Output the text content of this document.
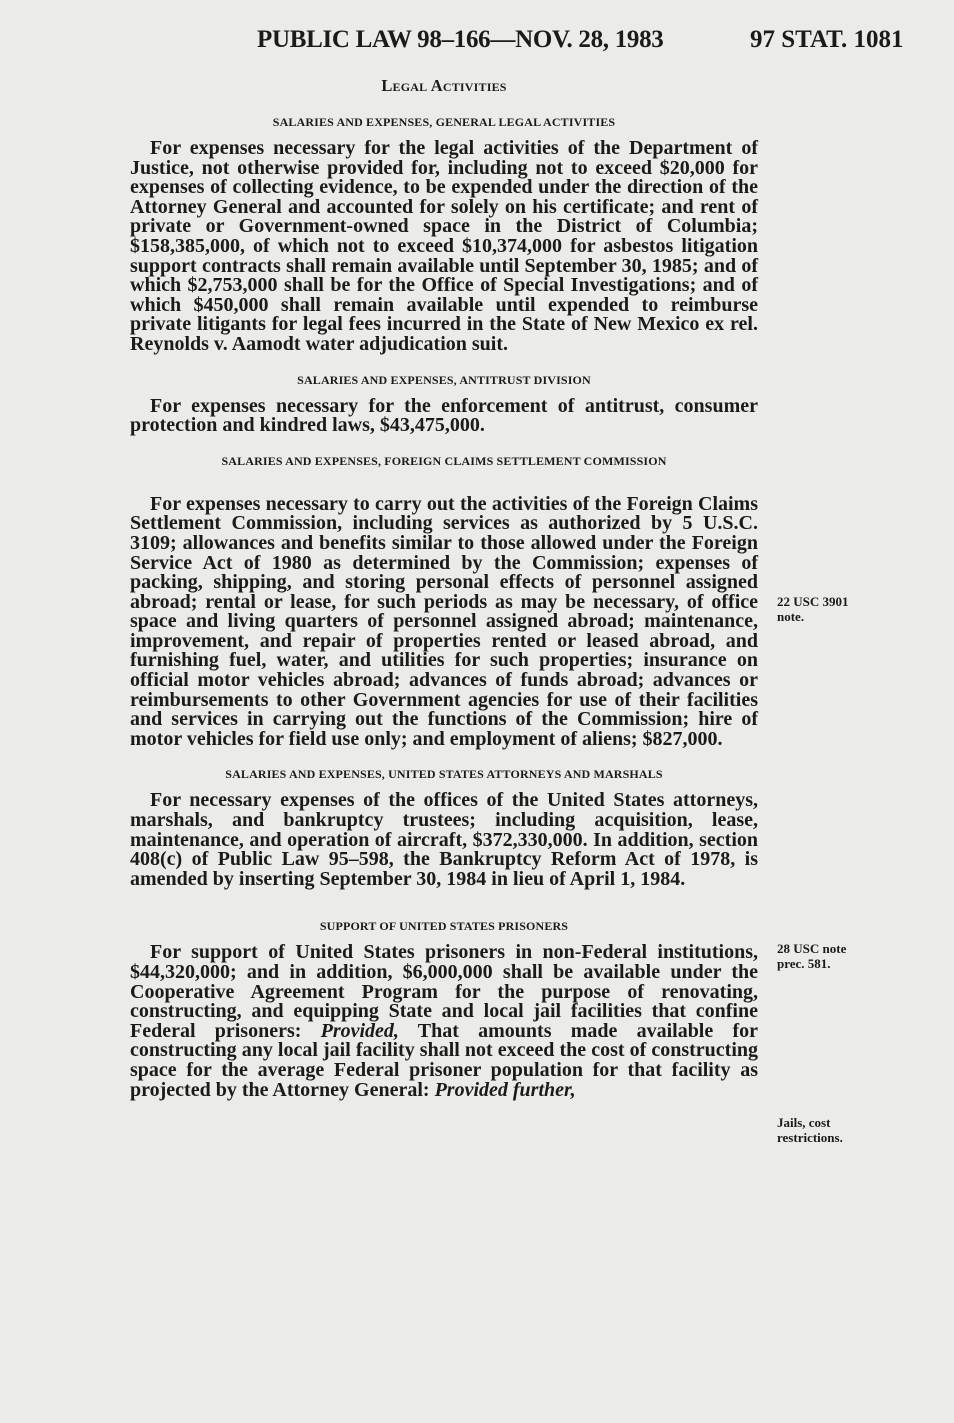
PUBLIC LAW 98–166—NOV. 28, 1983	97 STAT. 1081
Legal Activities
SALARIES AND EXPENSES, GENERAL LEGAL ACTIVITIES

For expenses necessary for the legal activities of the Department of Justice, not otherwise provided for, including not to exceed $20,000 for expenses of collecting evidence, to be expended under the direction of the Attorney General and accounted for solely on his certificate; and rent of private or Government-owned space in the District of Columbia; $158,385,000, of which not to exceed $10,374,000 for asbestos litigation support contracts shall remain available until September 30, 1985; and of which $2,753,000 shall be for the Office of Special Investigations; and of which $450,000 shall remain available until expended to reimburse private litigants for legal fees incurred in the State of New Mexico ex rel. Reynolds v. Aamodt water adjudication suit.

SALARIES AND EXPENSES, ANTITRUST DIVISION

For expenses necessary for the enforcement of antitrust, consumer protection and kindred laws, $43,475,000.

SALARIES AND EXPENSES, FOREIGN CLAIMS SETTLEMENT COMMISSION

For expenses necessary to carry out the activities of the Foreign Claims Settlement Commission, including services as authorized by 5 U.S.C. 3109; allowances and benefits similar to those allowed under the Foreign Service Act of 1980 as determined by the Commission; expenses of packing, shipping, and storing personal effects of personnel assigned abroad; rental or lease, for such periods as may be necessary, of office space and living quarters of personnel assigned abroad; maintenance, improvement, and repair of properties rented or leased abroad, and furnishing fuel, water, and utilities for such properties; insurance on official motor vehicles abroad; advances of funds abroad; advances or reimbursements to other Government agencies for use of their facilities and services in carrying out the functions of the Commission; hire of motor vehicles for field use only; and employment of aliens; $827,000.

SALARIES AND EXPENSES, UNITED STATES ATTORNEYS AND MARSHALS

For necessary expenses of the offices of the United States attorneys, marshals, and bankruptcy trustees; including acquisition, lease, maintenance, and operation of aircraft, $372,330,000. In addition, section 408(c) of Public Law 95–598, the Bankruptcy Reform Act of 1978, is amended by inserting September 30, 1984 in lieu of April 1, 1984.

SUPPORT OF UNITED STATES PRISONERS

For support of United States prisoners in non-Federal institutions, $44,320,000; and in addition, $6,000,000 shall be available under the Cooperative Agreement Program for the purpose of renovating, constructing, and equipping State and local jail facilities that confine Federal prisoners: Provided, That amounts made available for constructing any local jail facility shall not exceed the cost of constructing space for the average Federal prisoner population for that facility as projected by the Attorney General: Provided further,

22 USC 3901
note.
28 USC note
prec. 581.
Jails, cost
restrictions.
